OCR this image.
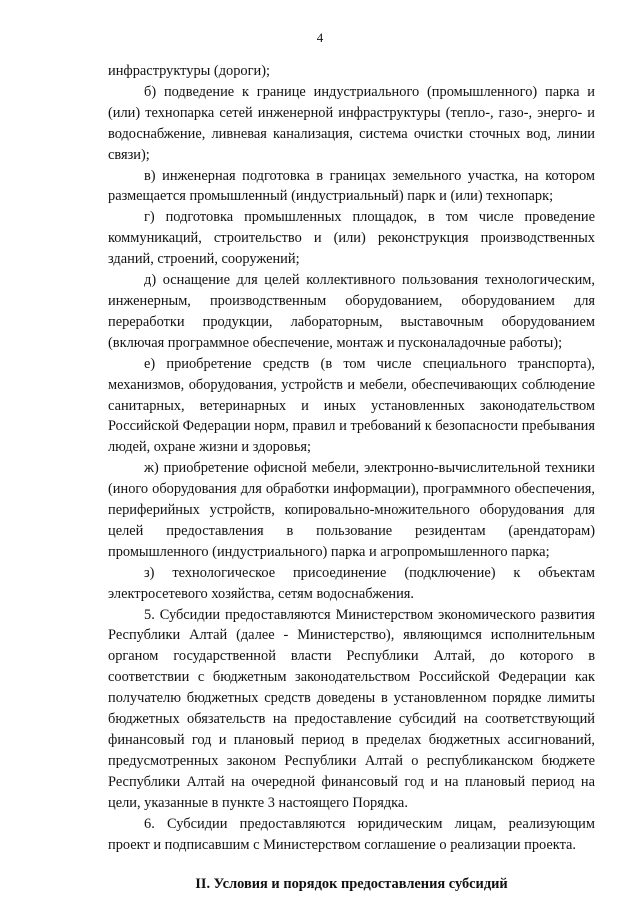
4

инфраструктуры (дороги);

б) подведение к границе индустриального (промышленного) парка и (или) технопарка сетей инженерной инфраструктуры (тепло-, газо-, энерго- и водоснабжение, ливневая канализация, система очистки сточных вод, линии связи);

в) инженерная подготовка в границах земельного участка, на котором размещается промышленный (индустриальный) парк и (или) технопарк;

г) подготовка промышленных площадок, в том числе проведение коммуникаций, строительство и (или) реконструкция производственных зданий, строений, сооружений;

д) оснащение для целей коллективного пользования технологическим, инженерным, производственным оборудованием, оборудованием для переработки продукции, лабораторным, выставочным оборудованием (включая программное обеспечение, монтаж и пусконаладочные работы);

е) приобретение средств (в том числе специального транспорта), механизмов, оборудования, устройств и мебели, обеспечивающих соблюдение санитарных, ветеринарных и иных установленных законодательством Российской Федерации норм, правил и требований к безопасности пребывания людей, охране жизни и здоровья;

ж) приобретение офисной мебели, электронно-вычислительной техники (иного оборудования для обработки информации), программного обеспечения, периферийных устройств, копировально-множительного оборудования для целей предоставления в пользование резидентам (арендаторам) промышленного (индустриального) парка и агропромышленного парка;

з) технологическое присоединение (подключение) к объектам электросетевого хозяйства, сетям водоснабжения.

5. Субсидии предоставляются Министерством экономического развития Республики Алтай (далее - Министерство), являющимся исполнительным органом государственной власти Республики Алтай, до которого в соответствии с бюджетным законодательством Российской Федерации как получателю бюджетных средств доведены в установленном порядке лимиты бюджетных обязательств на предоставление субсидий на соответствующий финансовый год и плановый период в пределах бюджетных ассигнований, предусмотренных законом Республики Алтай о республиканском бюджете Республики Алтай на очередной финансовый год и на плановый период на цели, указанные в пункте 3 настоящего Порядка.

6. Субсидии предоставляются юридическим лицам, реализующим проект и подписавшим с Министерством соглашение о реализации проекта.

II. Условия и порядок предоставления субсидий
